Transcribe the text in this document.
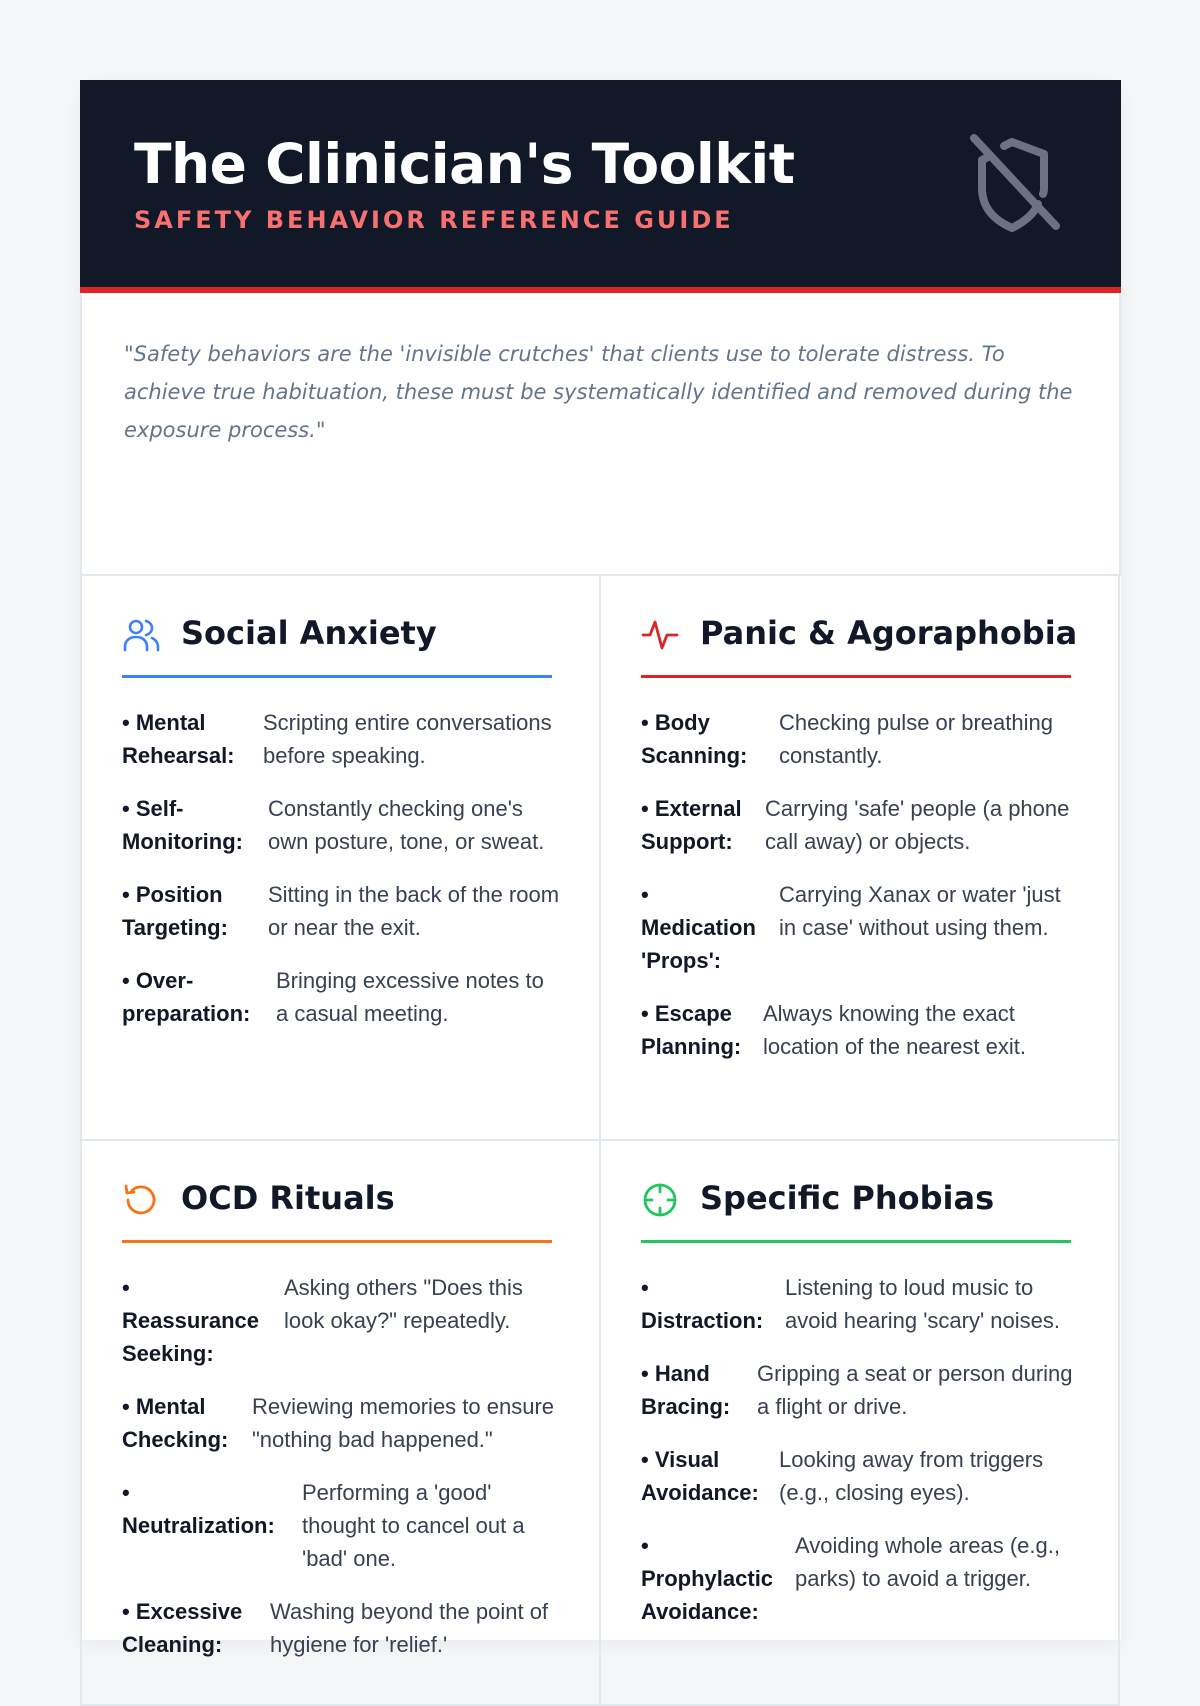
The Clinician's Toolkit
SAFETY BEHAVIOR REFERENCE GUIDE

"Safety behaviors are the 'invisible crutches' that clients use to tolerate distress. To achieve true habituation, these must be systematically identified and removed during the exposure process."

Social Anxiety
• Mental Rehearsal:
Scripting entire conversations before speaking.
• Self-Monitoring:
Constantly checking one's own posture, tone, or sweat.
• Position Targeting:
Sitting in the back of the room or near the exit.
• Over-preparation:
Bringing excessive notes to a casual meeting.
Panic & Agoraphobia
• Body Scanning:
Checking pulse or breathing constantly.
• External Support:
Carrying 'safe' people (a phone call away) or objects.
• Medication 'Props':
Carrying Xanax or water 'just in case' without using them.
• Escape Planning:
Always knowing the exact location of the nearest exit.
OCD Rituals
• Reassurance Seeking:
Asking others "Does this look okay?" repeatedly.
• Mental Checking:
Reviewing memories to ensure "nothing bad happened."
• Neutralization:
Performing a 'good' thought to cancel out a 'bad' one.
• Excessive Cleaning:
Washing beyond the point of hygiene for 'relief.'
Specific Phobias
• Distraction:
Listening to loud music to avoid hearing 'scary' noises.
• Hand Bracing:
Gripping a seat or person during a flight or drive.
• Visual Avoidance:
Looking away from triggers (e.g., closing eyes).
• Prophylactic Avoidance:
Avoiding whole areas (e.g., parks) to avoid a trigger.
